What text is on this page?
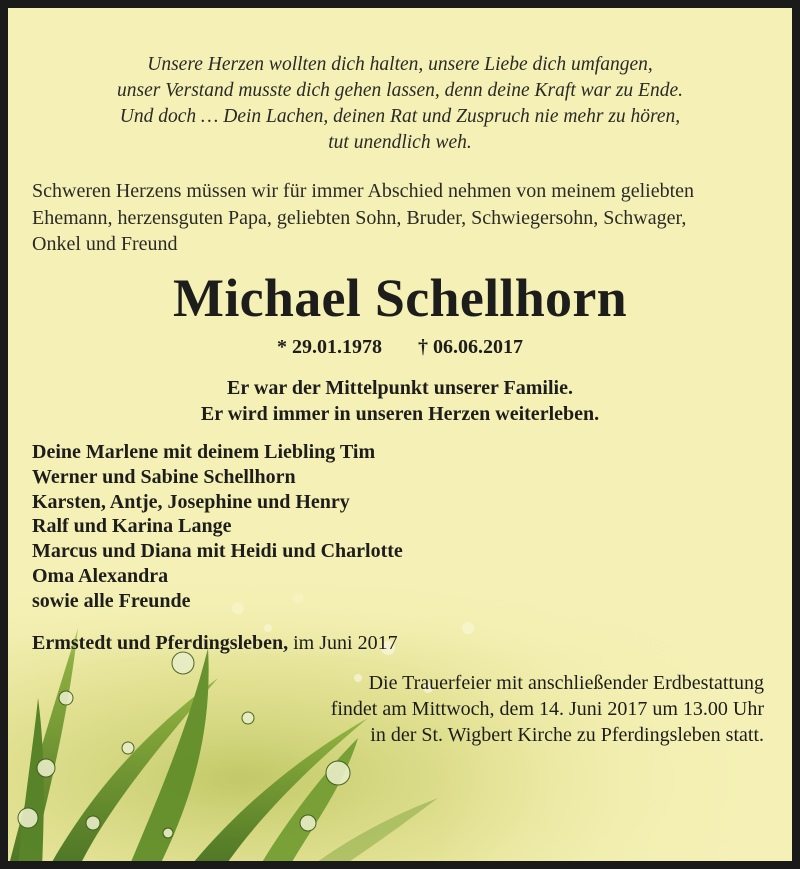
Unsere Herzen wollten dich halten, unsere Liebe dich umfangen,
unser Verstand musste dich gehen lassen, denn deine Kraft war zu Ende.
Und doch … Dein Lachen, deinen Rat und Zuspruch nie mehr zu hören,
tut unendlich weh.
Schweren Herzens müssen wir für immer Abschied nehmen von meinem geliebten
Ehemann, herzensguten Papa, geliebten Sohn, Bruder, Schwiegersohn, Schwager,
Onkel und Freund
Michael Schellhorn
* 29.01.1978 † 06.06.2017
Er war der Mittelpunkt unserer Familie.
Er wird immer in unseren Herzen weiterleben.
Deine Marlene mit deinem Liebling Tim
Werner und Sabine Schellhorn
Karsten, Antje, Josephine und Henry
Ralf und Karina Lange
Marcus und Diana mit Heidi und Charlotte
Oma Alexandra
sowie alle Freunde
Ermstedt und Pferdingsleben, im Juni 2017
Die Trauerfeier mit anschließender Erdbestattung
findet am Mittwoch, dem 14. Juni 2017 um 13.00 Uhr
in der St. Wigbert Kirche zu Pferdingsleben statt.
